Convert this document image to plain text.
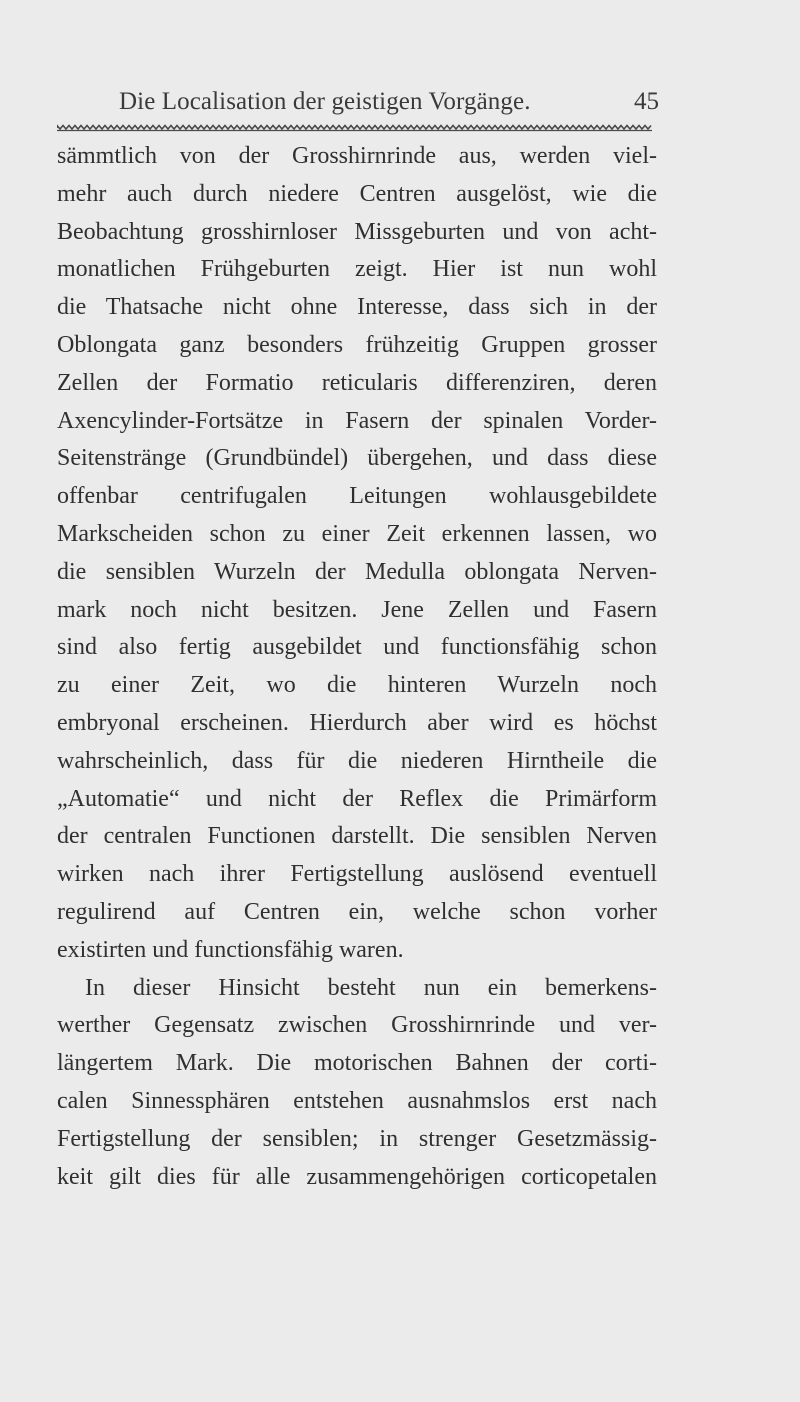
Die Localisation der geistigen Vorgänge.	45
sämmtlich von der Grosshirnrinde aus, werden viel-
mehr auch durch niedere Centren ausgelöst, wie die
Beobachtung grosshirnloser Missgeburten und von acht-
monatlichen Frühgeburten zeigt. Hier ist nun wohl
die Thatsache nicht ohne Interesse, dass sich in der
Oblongata ganz besonders frühzeitig Gruppen grosser
Zellen der Formatio reticularis differenziren, deren
Axencylinder-Fortsätze in Fasern der spinalen Vorder-
Seitenstränge (Grundbündel) übergehen, und dass diese
offenbar centrifugalen Leitungen wohlausgebildete
Markscheiden schon zu einer Zeit erkennen lassen, wo
die sensiblen Wurzeln der Medulla oblongata Nerven-
mark noch nicht besitzen. Jene Zellen und Fasern
sind also fertig ausgebildet und functionsfähig schon
zu einer Zeit, wo die hinteren Wurzeln noch
embryonal erscheinen. Hierdurch aber wird es höchst
wahrscheinlich, dass für die niederen Hirntheile die
„Automatie“ und nicht der Reflex die Primärform
der centralen Functionen darstellt. Die sensiblen Nerven
wirken nach ihrer Fertigstellung auslösend eventuell
regulirend auf Centren ein, welche schon vorher
existirten und functionsfähig waren.
In dieser Hinsicht besteht nun ein bemerkens-
werther Gegensatz zwischen Grosshirnrinde und ver-
längertem Mark. Die motorischen Bahnen der corti-
calen Sinnessphären entstehen ausnahmslos erst nach
Fertigstellung der sensiblen; in strenger Gesetzmässig-
keit gilt dies für alle zusammengehörigen corticopetalen
